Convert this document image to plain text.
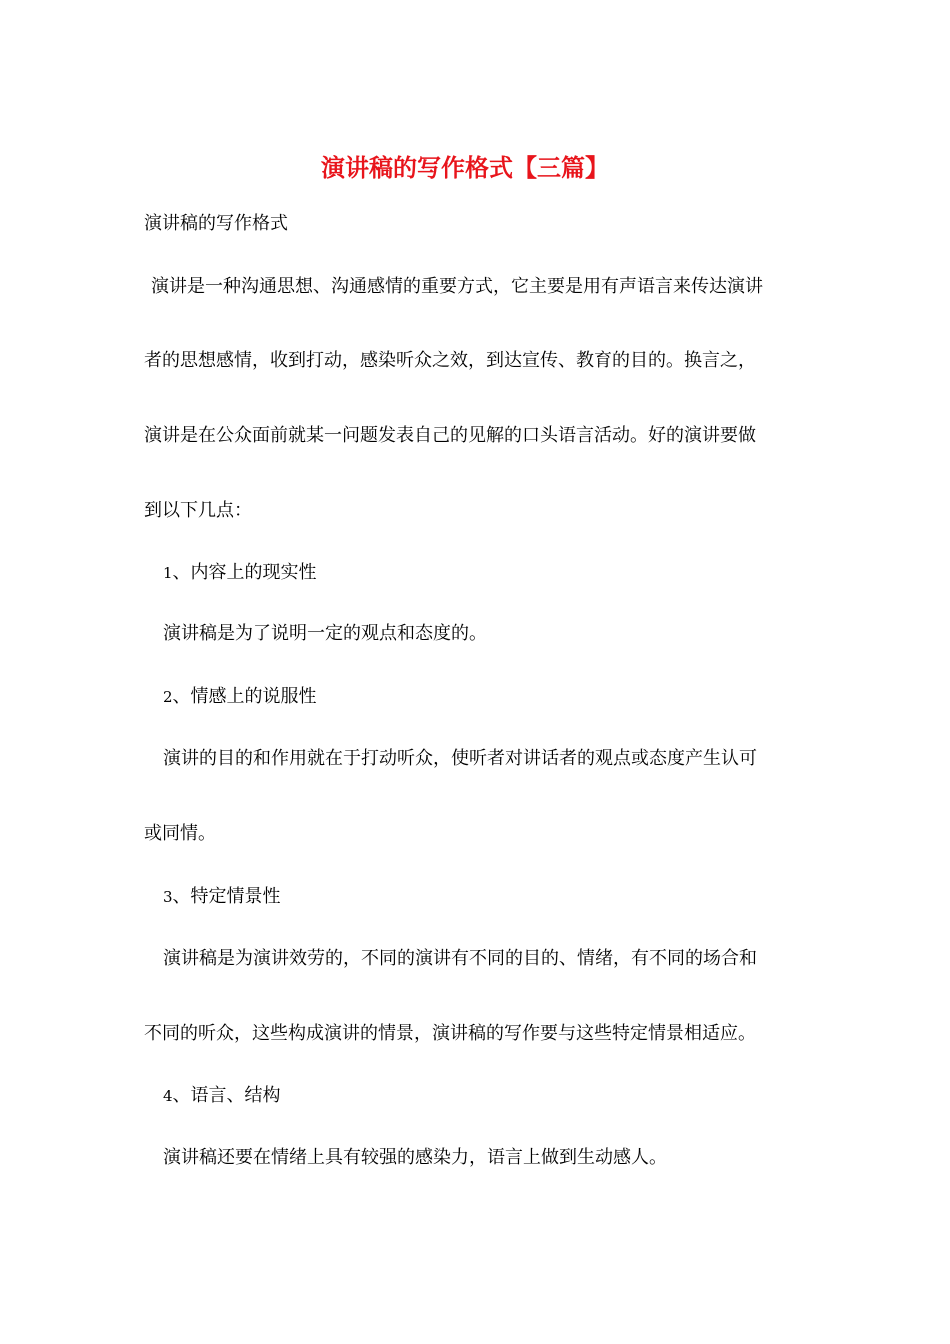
演讲稿的写作格式【三篇】
演讲稿的写作格式
演讲是一种沟通思想、沟通感情的重要方式，它主要是用有声语言来传达演讲
者的思想感情，收到打动，感染听众之效，到达宣传、教育的目的。换言之，
演讲是在公众面前就某一问题发表自己的见解的口头语言活动。好的演讲要做
到以下几点：
1、内容上的现实性
演讲稿是为了说明一定的观点和态度的。
2、情感上的说服性
演讲的目的和作用就在于打动听众，使听者对讲话者的观点或态度产生认可
或同情。
3、特定情景性
演讲稿是为演讲效劳的，不同的演讲有不同的目的、情绪，有不同的场合和
不同的听众，这些构成演讲的情景，演讲稿的写作要与这些特定情景相适应。
4、语言、结构
演讲稿还要在情绪上具有较强的感染力，语言上做到生动感人。
